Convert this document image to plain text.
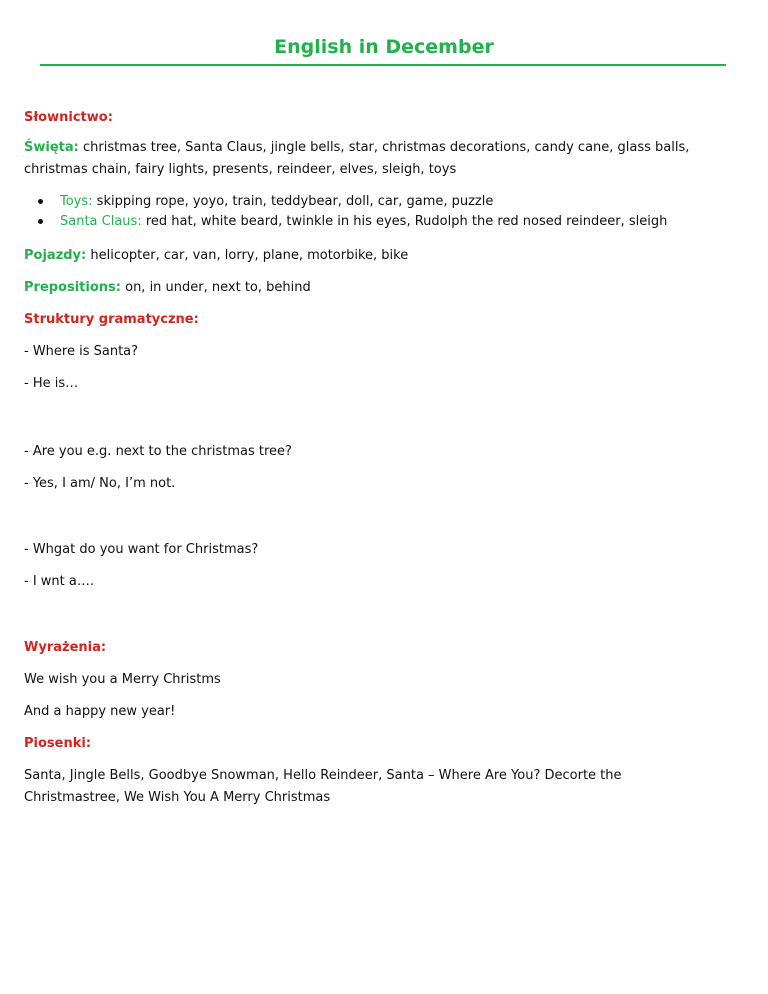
English in December
Słownictwo:
Święta: christmas tree, Santa Claus, jingle bells, star, christmas decorations, candy cane, glass balls,
christmas chain, fairy lights, presents, reindeer, elves, sleigh, toys
Toys: skipping rope, yoyo, train, teddybear, doll, car, game, puzzle
Santa Claus: red hat, white beard, twinkle in his eyes, Rudolph the red nosed reindeer, sleigh
Pojazdy: helicopter, car, van, lorry, plane, motorbike, bike
Prepositions: on, in under, next to, behind
Struktury gramatyczne:
- Where is Santa?
- He is…
- Are you e.g. next to the christmas tree?
- Yes, I am/ No, I’m not.
- Whgat do you want for Christmas?
- I wnt a….
Wyrażenia:
We wish you a Merry Christms
And a happy new year!
Piosenki:
Santa, Jingle Bells, Goodbye Snowman, Hello Reindeer, Santa – Where Are You? Decorte the
Christmastree, We Wish You A Merry Christmas
